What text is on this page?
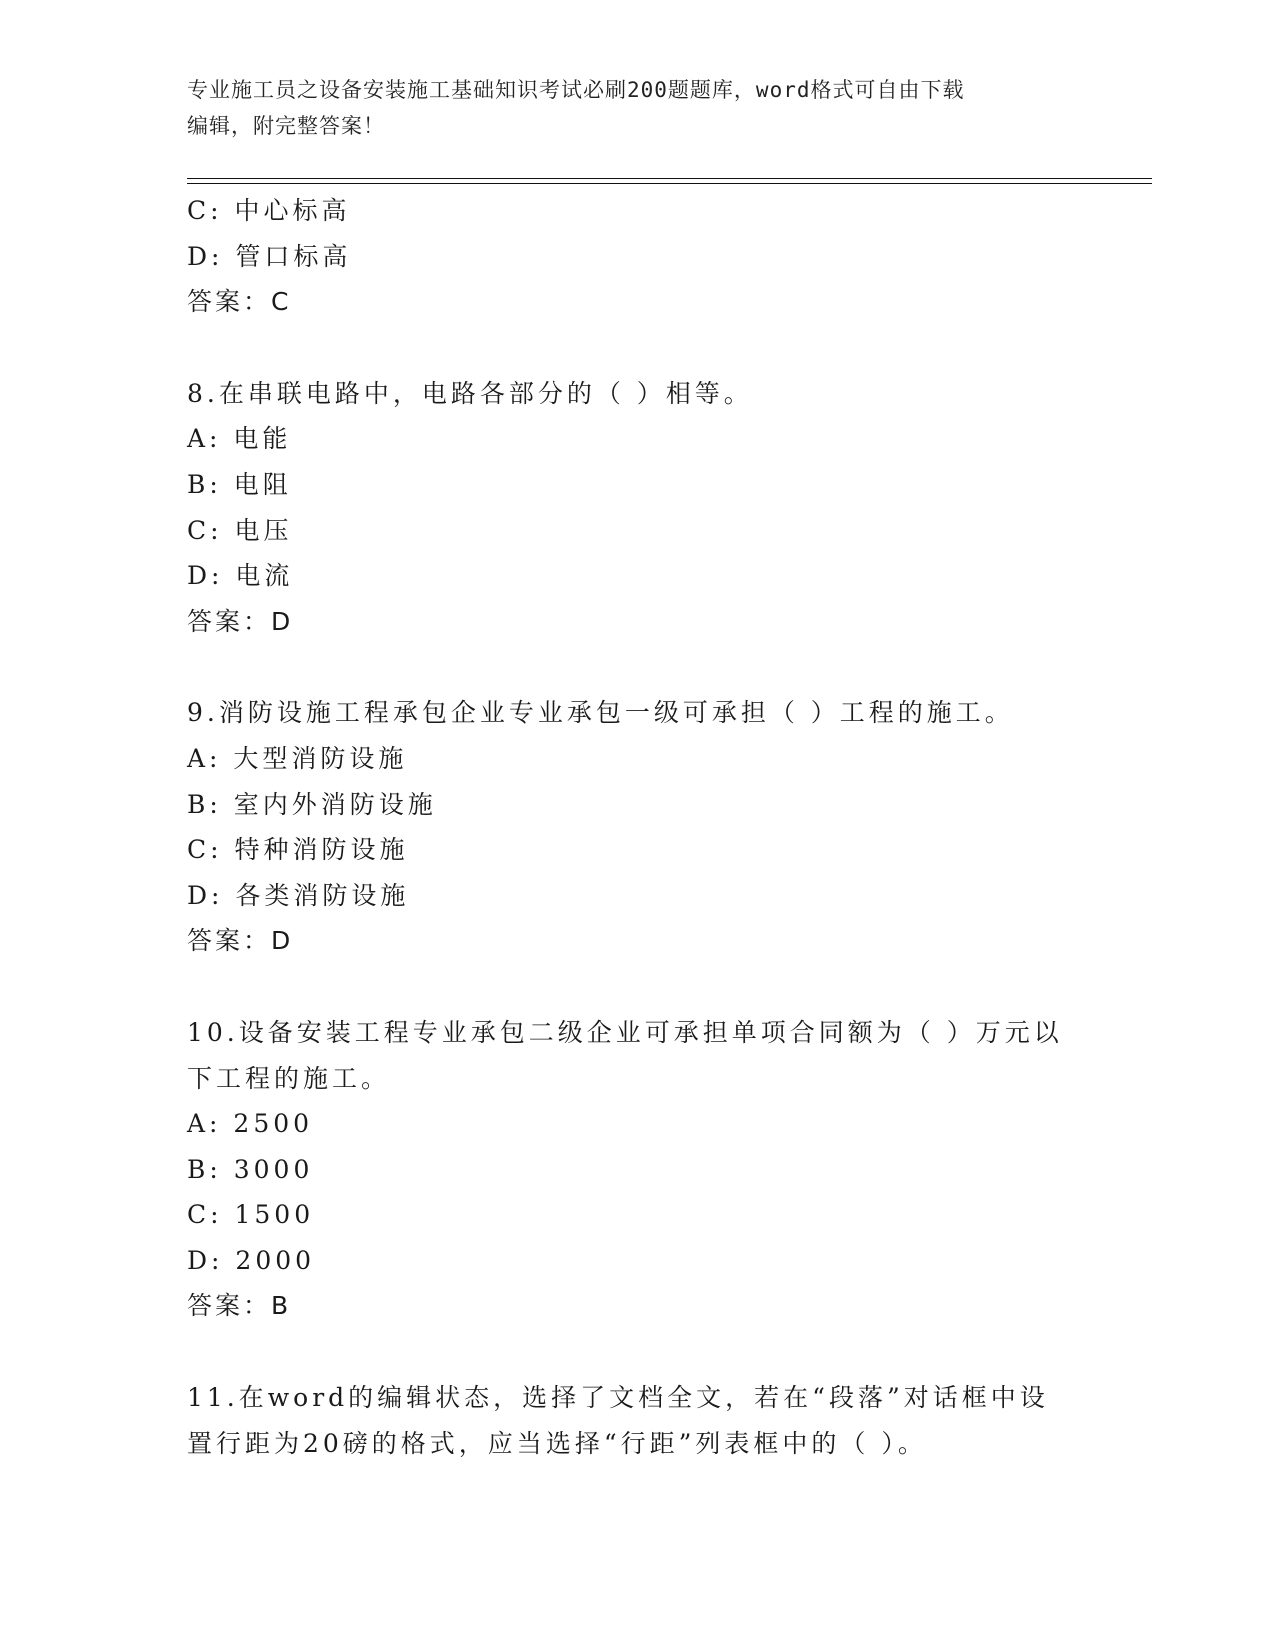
专业施工员之设备安装施工基础知识考试必刷200题题库，word格式可自由下载
编辑，附完整答案！
C: 中心标高
D: 管口标高
答案：C
8.在串联电路中，电路各部分的（ ）相等。
A: 电能
B: 电阻
C: 电压
D: 电流
答案：D
9.消防设施工程承包企业专业承包一级可承担（ ）工程的施工。
A: 大型消防设施
B: 室内外消防设施
C: 特种消防设施
D: 各类消防设施
答案：D
10.设备安装工程专业承包二级企业可承担单项合同额为（ ）万元以
下工程的施工。
A: 2500
B: 3000
C: 1500
D: 2000
答案：B
11.在word的编辑状态，选择了文档全文，若在“段落”对话框中设
置行距为20磅的格式，应当选择“行距”列表框中的（ ）。
